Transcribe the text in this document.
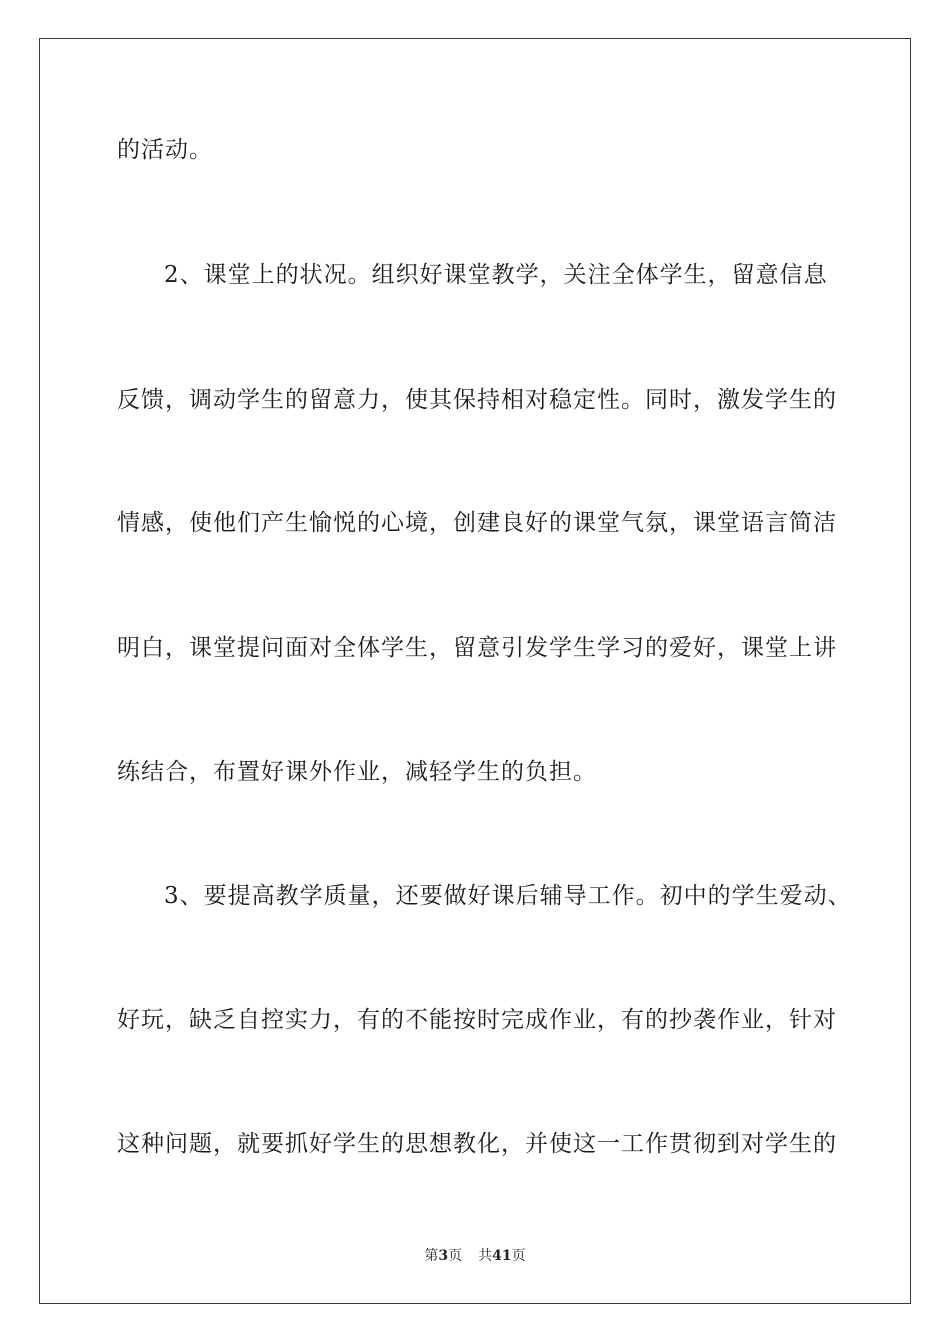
的活动。
2、课堂上的状况。组织好课堂教学，关注全体学生，留意信息
反馈，调动学生的留意力，使其保持相对稳定性。同时，激发学生的
情感，使他们产生愉悦的心境，创建良好的课堂气氛，课堂语言简洁
明白，课堂提问面对全体学生，留意引发学生学习的爱好，课堂上讲
练结合，布置好课外作业，减轻学生的负担。
3、要提高教学质量，还要做好课后辅导工作。初中的学生爱动、
好玩，缺乏自控实力，有的不能按时完成作业，有的抄袭作业，针对
这种问题，就要抓好学生的思想教化，并使这一工作贯彻到对学生的
第3页 共41页
